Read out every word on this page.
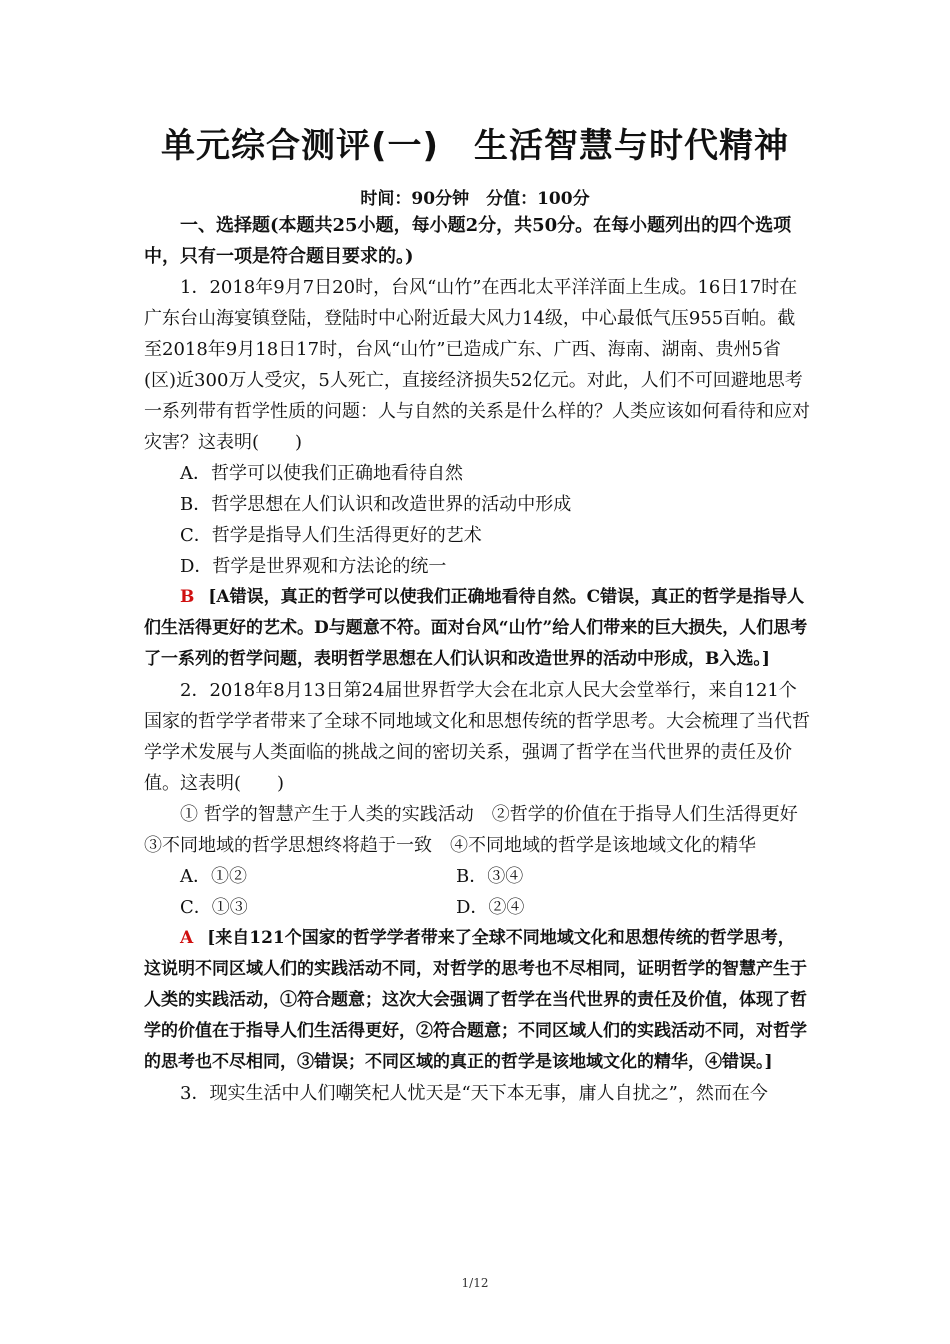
单元综合测评(一)　生活智慧与时代精神
时间：90分钟　分值：100分

一、选择题(本题共25小题，每小题2分，共50分。在每小题列出的四个选项中，只有一项是符合题目要求的。)

1．2018年9月7日20时，台风“山竹”在西北太平洋洋面上生成。16日17时在广东台山海宴镇登陆，登陆时中心附近最大风力14级，中心最低气压955百帕。截至2018年9月18日17时，台风“山竹”已造成广东、广西、海南、湖南、贵州5省(区)近300万人受灾，5人死亡，直接经济损失52亿元。对此，人们不可回避地思考一系列带有哲学性质的问题：人与自然的关系是什么样的？人类应该如何看待和应对灾害？这表明(　　)

A．哲学可以使我们正确地看待自然

B．哲学思想在人们认识和改造世界的活动中形成

C．哲学是指导人们生活得更好的艺术

D．哲学是世界观和方法论的统一

B [A错误，真正的哲学可以使我们正确地看待自然。C错误，真正的哲学是指导人们生活得更好的艺术。D与题意不符。面对台风“山竹”给人们带来的巨大损失，人们思考了一系列的哲学问题，表明哲学思想在人们认识和改造世界的活动中形成，B入选。]

2．2018年8月13日第24届世界哲学大会在北京人民大会堂举行，来自121个国家的哲学学者带来了全球不同地域文化和思想传统的哲学思考。大会梳理了当代哲学学术发展与人类面临的挑战之间的密切关系，强调了哲学在当代世界的责任及价值。这表明(　　)

① 哲学的智慧产生于人类的实践活动　②哲学的价值在于指导人们生活得更好　③不同地域的哲学思想终将趋于一致　④不同地域的哲学是该地域文化的精华

A．①②	B．③④
C．①③	D．②④

A [来自121个国家的哲学学者带来了全球不同地域文化和思想传统的哲学思考，这说明不同区域人们的实践活动不同，对哲学的思考也不尽相同，证明哲学的智慧产生于人类的实践活动，①符合题意；这次大会强调了哲学在当代世界的责任及价值，体现了哲学的价值在于指导人们生活得更好，②符合题意；不同区域人们的实践活动不同，对哲学的思考也不尽相同，③错误；不同区域的真正的哲学是该地域文化的精华，④错误。]

3．现实生活中人们嘲笑杞人忧天是“天下本无事，庸人自扰之”，然而在今

1/12
